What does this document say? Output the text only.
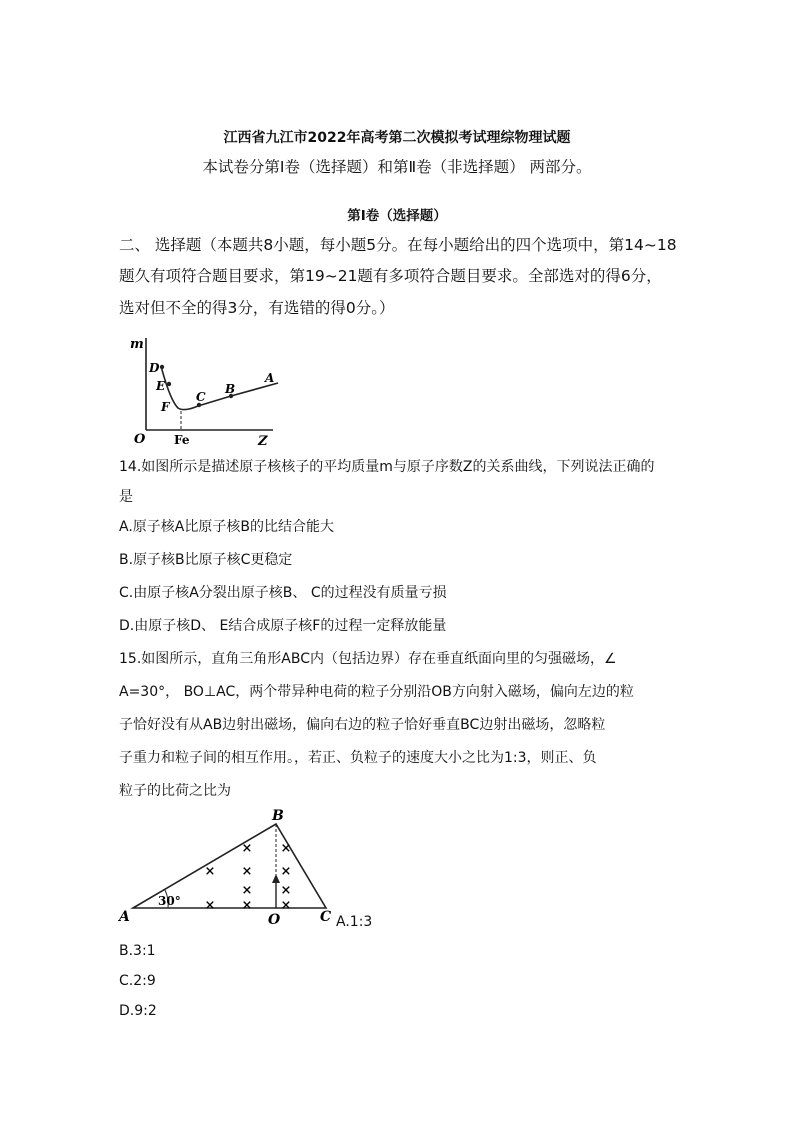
江西省九江市2022年高考第二次模拟考试理综物理试题
本试卷分第Ⅰ卷（选择题）和第Ⅱ卷（非选择题） 两部分。
第Ⅰ卷（选择题）
二、 选择题（本题共8小题，每小题5分。在每小题给出的四个选项中，第14~18
题久有项符合题目要求，第19~21题有多项符合题目要求。全部选对的得6分，
选对但不全的得3分，有选错的得0分。）
m
Z
O Fe
D
E
F
C
B
A
14.如图所示是描述原子核核子的平均质量m与原子序数Z的关系曲线，下列说法正确的
是
A.原子核A比原子核B的比结合能大
B.原子核B比原子核C更稳定
C.由原子核A分裂出原子核B、 C的过程没有质量亏损
D.由原子核D、 E结合成原子核F的过程一定释放能量
15.如图所示，直角三角形ABC内（包括边界）存在垂直纸面向里的匀强磁场，∠
A=30°， BO⊥AC，两个带异种电荷的粒子分别沿OB方向射入磁场，偏向左边的粒
子恰好没有从AB边射出磁场，偏向右边的粒子恰好垂直BC边射出磁场，忽略粒
子重力和粒子间的相互作用。，若正、负粒子的速度大小之比为1:3，则正、负
粒子的比荷之比为
30° × × ×
× × ×
× ×
× ×
A
B
C
O	A.1:3
B.3:1
C.2:9
D.9:2
